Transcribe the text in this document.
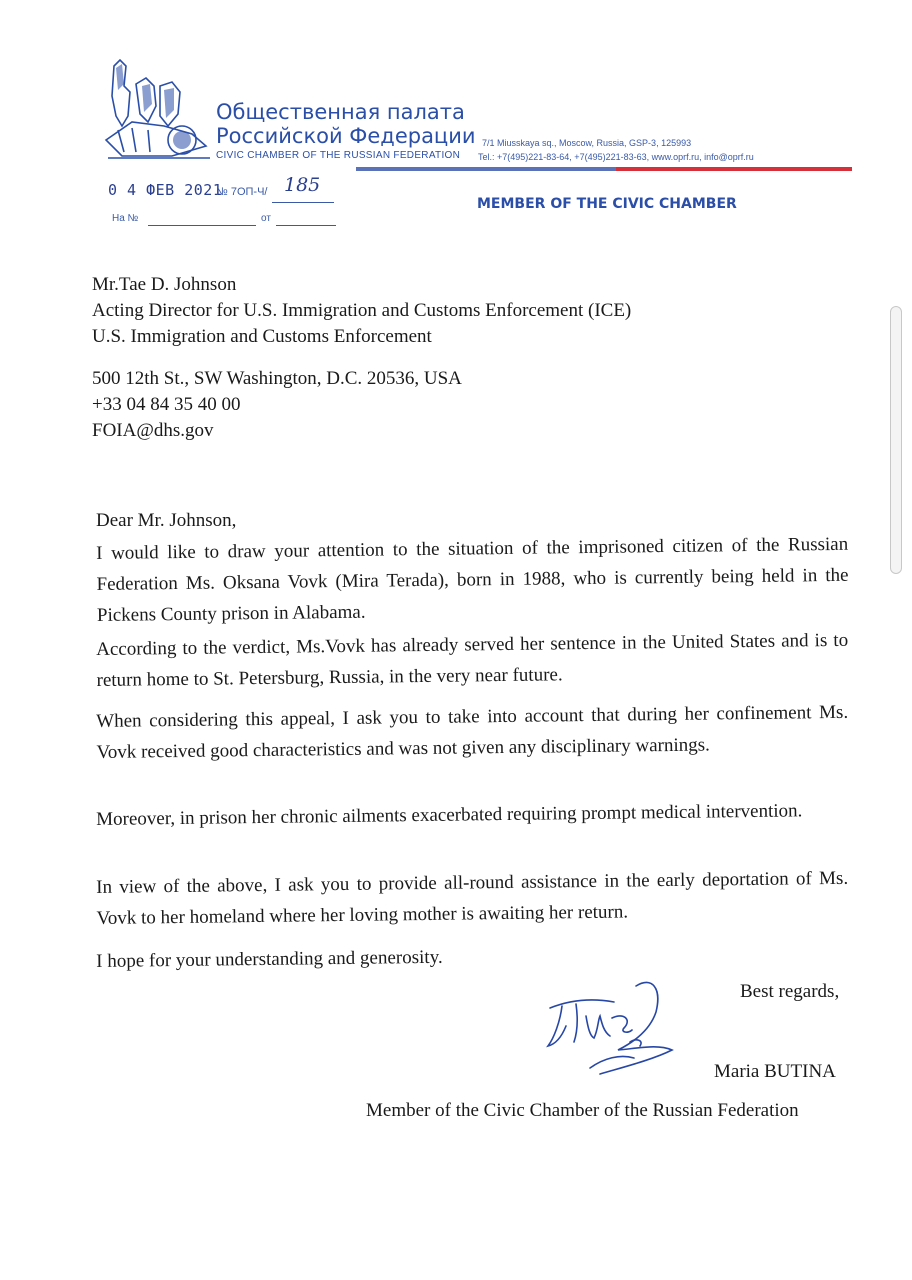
Общественная палата
Российской Федерации
CIVIC CHAMBER OF THE RUSSIAN FEDERATION
7/1 Miusskaya sq., Moscow, Russia, GSP-3, 125993
Tel.: +7(495)221-83-64, +7(495)221-83-63, www.oprf.ru, info@oprf.ru
0 4 ФЕВ 2021
№ 7ОП-Ч/ 185
На №	от
MEMBER OF THE CIVIC CHAMBER
Mr.Tae D. Johnson
Acting Director for U.S. Immigration and Customs Enforcement (ICE)
U.S. Immigration and Customs Enforcement
500 12th St., SW Washington, D.C. 20536, USA
+33 04 84 35 40 00
FOIA@dhs.gov
Dear Mr. Johnson,
I would like to draw your attention to the situation of the imprisoned citizen of the Russian Federation Ms. Oksana Vovk (Mira Terada), born in 1988, who is currently being held in the Pickens County prison in Alabama.
According to the verdict, Ms.Vovk has already served her sentence in the United States and is to return home to St. Petersburg, Russia, in the very near future.
When considering this appeal, I ask you to take into account that during her confinement Ms. Vovk received good characteristics and was not given any disciplinary warnings.
Moreover, in prison her chronic ailments exacerbated requiring prompt medical intervention.
In view of the above, I ask you to provide all-round assistance in the early deportation of Ms. Vovk to her homeland where her loving mother is awaiting her return.
I hope for your understanding and generosity.
Best regards,
Maria BUTINA
Member of the Civic Chamber of the Russian Federation
